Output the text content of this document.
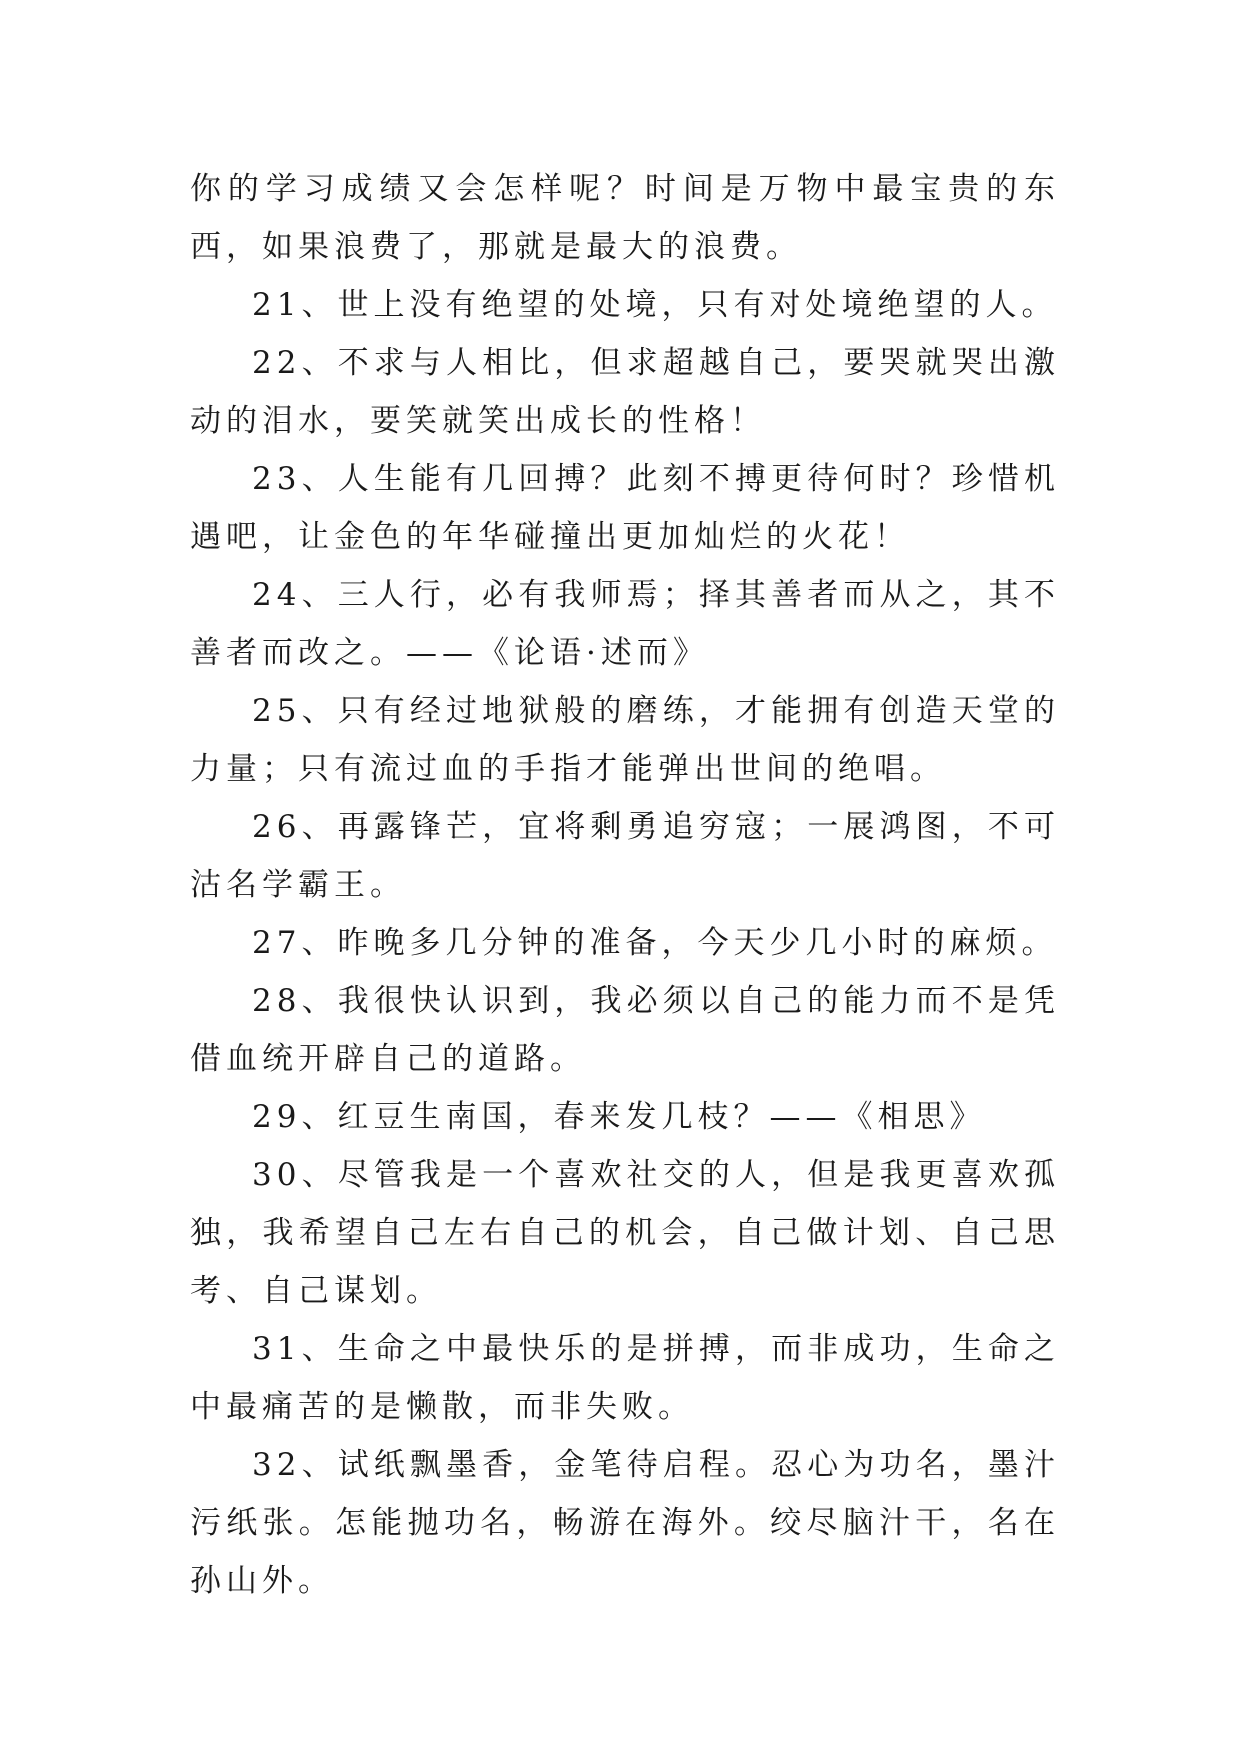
你的学习成绩又会怎样呢？时间是万物中最宝贵的东西，如果浪费了，那就是最大的浪费。

21、世上没有绝望的处境，只有对处境绝望的人。

22、不求与人相比，但求超越自己，要哭就哭出激动的泪水，要笑就笑出成长的性格！

23、人生能有几回搏？此刻不搏更待何时？珍惜机遇吧，让金色的年华碰撞出更加灿烂的火花！

24、三人行，必有我师焉；择其善者而从之，其不善者而改之。——《论语·述而》

25、只有经过地狱般的磨练，才能拥有创造天堂的力量；只有流过血的手指才能弹出世间的绝唱。

26、再露锋芒，宜将剩勇追穷寇；一展鸿图，不可沽名学霸王。

27、昨晚多几分钟的准备，今天少几小时的麻烦。

28、我很快认识到，我必须以自己的能力而不是凭借血统开辟自己的道路。

29、红豆生南国，春来发几枝？——《相思》

30、尽管我是一个喜欢社交的人，但是我更喜欢孤独，我希望自己左右自己的机会，自己做计划、自己思考、自己谋划。

31、生命之中最快乐的是拼搏，而非成功，生命之中最痛苦的是懒散，而非失败。

32、试纸飘墨香，金笔待启程。忍心为功名，墨汁污纸张。怎能抛功名，畅游在海外。绞尽脑汁干，名在孙山外。
